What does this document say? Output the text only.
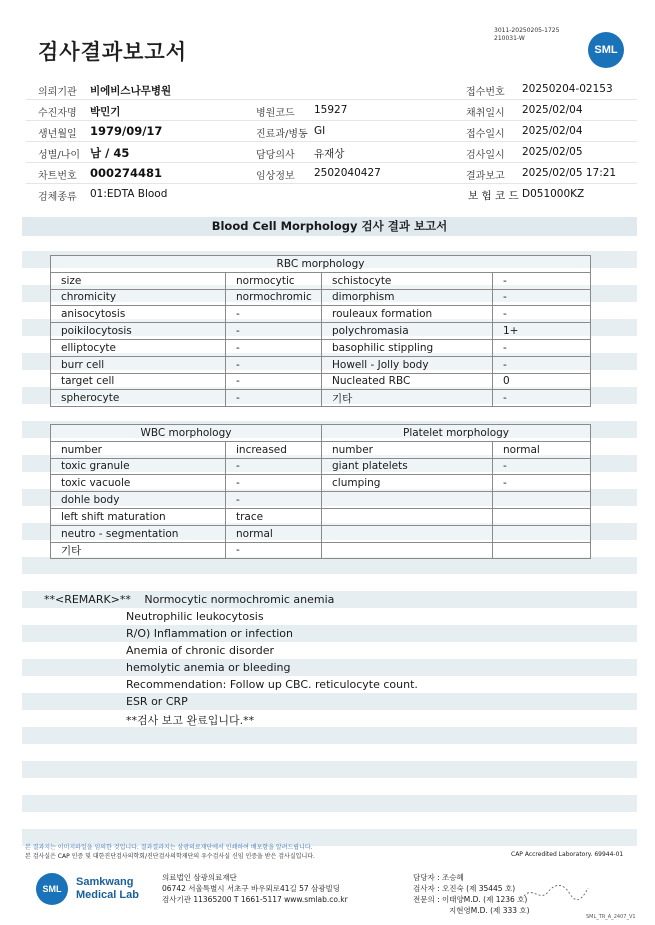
검사결과보고서
3011-20250205-1725
210031-W
SML
의뢰기관 비에비스나무병원	접수번호 20250204-02153
수진자명 박민기	병원코드 15927	채취일시 2025/02/04
생년월일 1979/09/17	진료과/병동 GI	접수일시 2025/02/04
성별/나이 남 / 45	담당의사 유재상	검사일시 2025/02/05
차트번호 000274481	임상정보 2502040427	결과보고 2025/02/05 17:21
검체종류 01:EDTA Blood	보 험 코 드 D051000KZ
Blood Cell Morphology 검사 결과 보고서
RBC morphology			
size	normocytic	schistocyte	-
chromicity	normochromic	dimorphism	-
anisocytosis	-	rouleaux formation	-
poikilocytosis	-	polychromasia	1+
elliptocyte	-	basophilic stippling	-
burr cell	-	Howell - Jolly body	-
target cell	-	Nucleated RBC	0
spherocyte	-	기타	-
WBC morphology		Platelet morphology	
number	increased	number	normal
toxic granule	-	giant platelets	-
toxic vacuole	-	clumping	-
dohle body	-		
left shift maturation	trace		
neutro - segmentation	normal		
기타	-		
**<REMARK>** Normocytic normochromic anemia
Neutrophilic leukocytosis
R/O) Inflammation or infection
Anemia of chronic disorder
hemolytic anemia or bleeding
Recommendation: Follow up CBC. reticulocyte count.
ESR or CRP
**검사 보고 완료입니다.**
본 결과지는 이미지파일을 임의한 것입니다. 결과결과지는 삼광의료재단에서 인쇄하여 배포함을 알려드립니다.
본 검사실은 CAP 인증 및 대한진단검사의학회/진단검사의학재단의 우수검사실 신임 인증을 받은 검사실입니다.	CAP Accredited Laboratory. 69944-01
SML
Samkwang
Medical Lab
의료법인 삼광의료재단
06742 서울특별시 서초구 바우뫼로41길 57 삼광빌딩
검사기관 11365200 T 1661-5117 www.smlab.co.kr
담당자 : 조승혜
검사자 : 오진숙 (제 35445 호)
전문의 : 이태양M.D. (제 1236 호)
지현영M.D. (제 333 호)
SML_TR_A_2407_V1
